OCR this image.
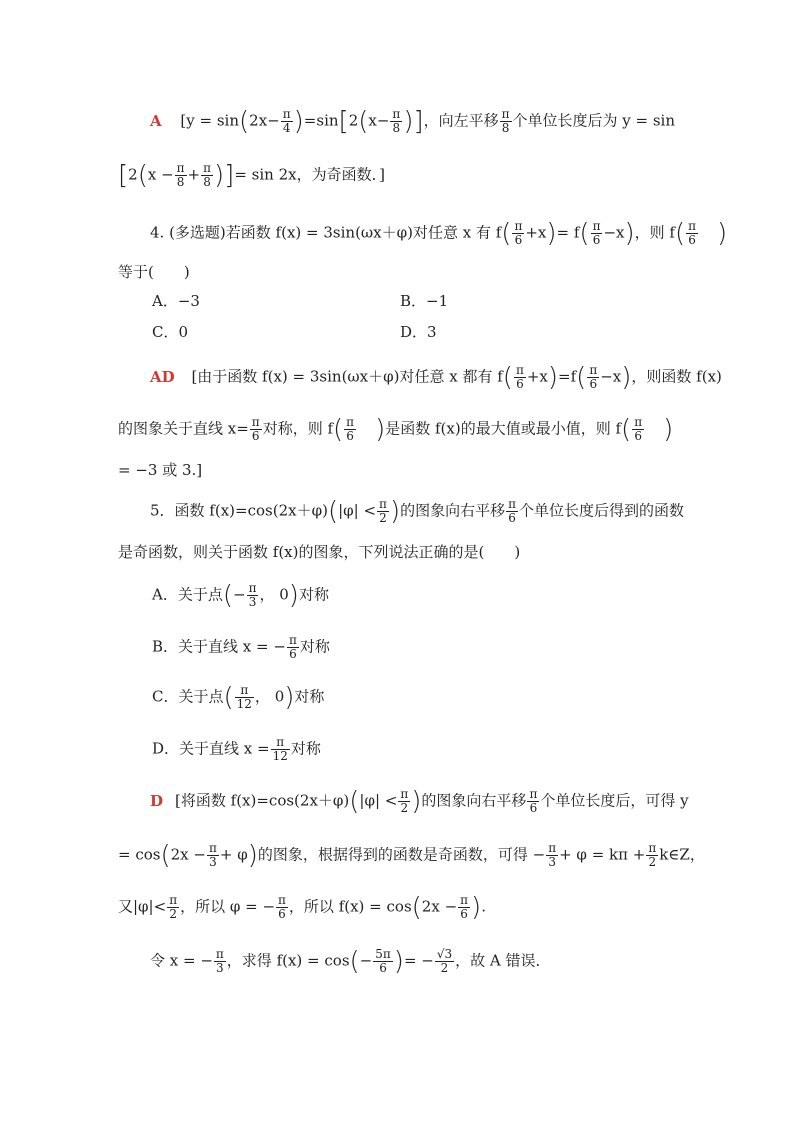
A [$y = \sin(2x- \frac{\pi}{4} )=\sin[2(x- \frac{\pi}{8}$ )]，向左平移 $\frac{\pi}{8}$ 个单位长度后为 y = sin
[$2(x - \frac{\pi}{8} + \frac{\pi}{8}$ )]= sin 2x，为奇函数．]
4. (多选题)若函数 f(x) = 3sin(ωx＋φ)对任意 x 有 $f( \frac{\pi}{6} +x)= f( \frac{\pi}{6} -x)$，则 $f( \frac{\pi}{6}$ )
等于(　　)
A．−3	B．−1
C．0	D．3
AD [由于函数 f(x) = 3sin(ωx＋φ)对任意 x 都有 $f( \frac{\pi}{6} +x)=f( \frac{\pi}{6} -x)$，则函数 f(x)
的图象关于直线 $x= \frac{\pi}{6}$ 对称，则 $f( \frac{\pi}{6}$ )是函数 f(x)的最大值或最小值，则 $f( \frac{\pi}{6}$ )
= −3 或 3.]
5．函数 $f(x)=\cos(2x+\varphi)(|\varphi| < \frac{\pi}{2}$ )的图象向右平移 $\frac{\pi}{6}$ 个单位长度后得到的函数
是奇函数，则关于函数 f(x)的图象，下列说法正确的是(　　)
A．关于点(− $\frac{\pi}{3}$ ， 0)对称
B．关于直线 x = − $\frac{\pi}{6}$ 对称
C．关于点( $\frac{\pi}{12}$ ， 0)对称
D．关于直线 $x = \frac{\pi}{12}$ 对称
D [将函数 $f(x)=\cos(2x+\varphi)(|\varphi| < \frac{\pi}{2}$ )的图象向右平移 $\frac{\pi}{6}$ 个单位长度后，可得 y
= $\cos(2x - \frac{\pi}{3} + \varphi)$的图象，根据得到的函数是奇函数，可得 − $\frac{\pi}{3} + \varphi = k\pi + \frac{\pi}{2}$ k∈Z，
又$|\varphi|< \frac{\pi}{2}$ ，所以 φ = − $\frac{\pi}{6}$ ，所以 $f(x) = \cos(2x - \frac{\pi}{6}$ ).
令 x = − $\frac{\pi}{3}$ ，求得 $f(x) = \cos(- \frac{5\pi}{6}$ )= − $\frac{√3}{2}$ ，故 A 错误．
